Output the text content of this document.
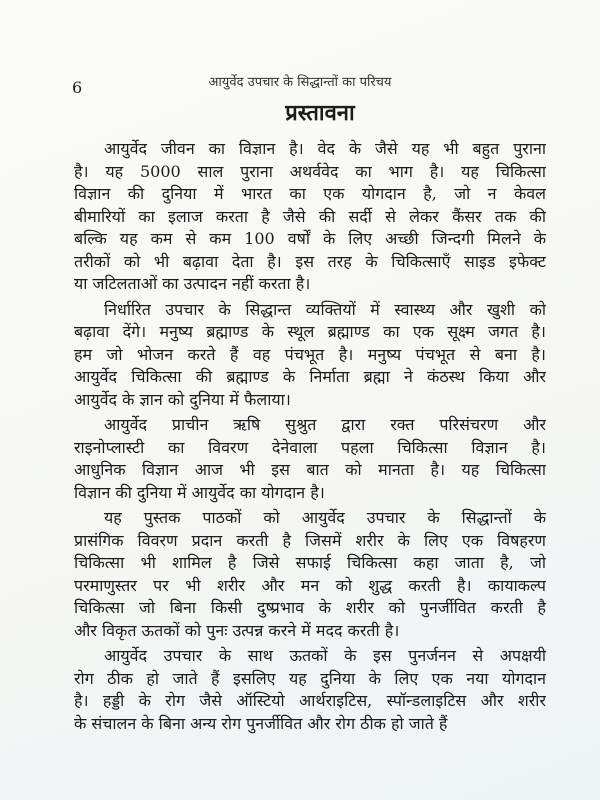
6	आयुर्वेद उपचार के सिद्धान्तों का परिचय
प्रस्तावना
आयुर्वेद जीवन का विज्ञान है। वेद के जैसे यह भी बहुत पुराना
है। यह 5000 साल पुराना अथर्ववेद का भाग है। यह चिकित्सा
विज्ञान की दुनिया में भारत का एक योगदान है, जो न केवल
बीमारियों का इलाज करता है जैसे की सर्दी से लेकर कैंसर तक की
बल्कि यह कम से कम 100 वर्षों के लिए अच्छी जिन्दगी मिलने के
तरीकों को भी बढ़ावा देता है। इस तरह के चिकित्साएँ साइड इफेक्ट
या जटिलताओं का उत्पादन नहीं करता है।
निर्धारित उपचार के सिद्धान्त व्यक्तियों में स्वास्थ्य और खुशी को
बढ़ावा देंगे। मनुष्य ब्रह्माण्ड के स्थूल ब्रह्माण्ड का एक सूक्ष्म जगत है।
हम जो भोजन करते हैं वह पंचभूत है। मनुष्य पंचभूत से बना है।
आयुर्वेद चिकित्सा की ब्रह्माण्ड के निर्माता ब्रह्मा ने कंठस्थ किया और
आयुर्वेद के ज्ञान को दुनिया में फैलाया।
आयुर्वेद प्राचीन ऋषि सुश्रुत द्वारा रक्त परिसंचरण और
राइनोप्लास्टी का विवरण देनेवाला पहला चिकित्सा विज्ञान है।
आधुनिक विज्ञान आज भी इस बात को मानता है। यह चिकित्सा
विज्ञान की दुनिया में आयुर्वेद का योगदान है।
यह पुस्तक पाठकों को आयुर्वेद उपचार के सिद्धान्तों के
प्रासंगिक विवरण प्रदान करती है जिसमें शरीर के लिए एक विषहरण
चिकित्सा भी शामिल है जिसे सफाई चिकित्सा कहा जाता है, जो
परमाणुस्तर पर भी शरीर और मन को शुद्ध करती है। कायाकल्प
चिकित्सा जो बिना किसी दुष्प्रभाव के शरीर को पुनर्जीवित करती है
और विकृत ऊतकों को पुनः उत्पन्न करने में मदद करती है।
आयुर्वेद उपचार के साथ ऊतकों के इस पुनर्जनन से अपक्षयी
रोग ठीक हो जाते हैं इसलिए यह दुनिया के लिए एक नया योगदान
है। हड्डी के रोग जैसे ऑस्टियो आर्थराइटिस, स्पॉन्डलाइटिस और शरीर
के संचालन के बिना अन्य रोग पुनर्जीवित और रोग ठीक हो जाते हैं
